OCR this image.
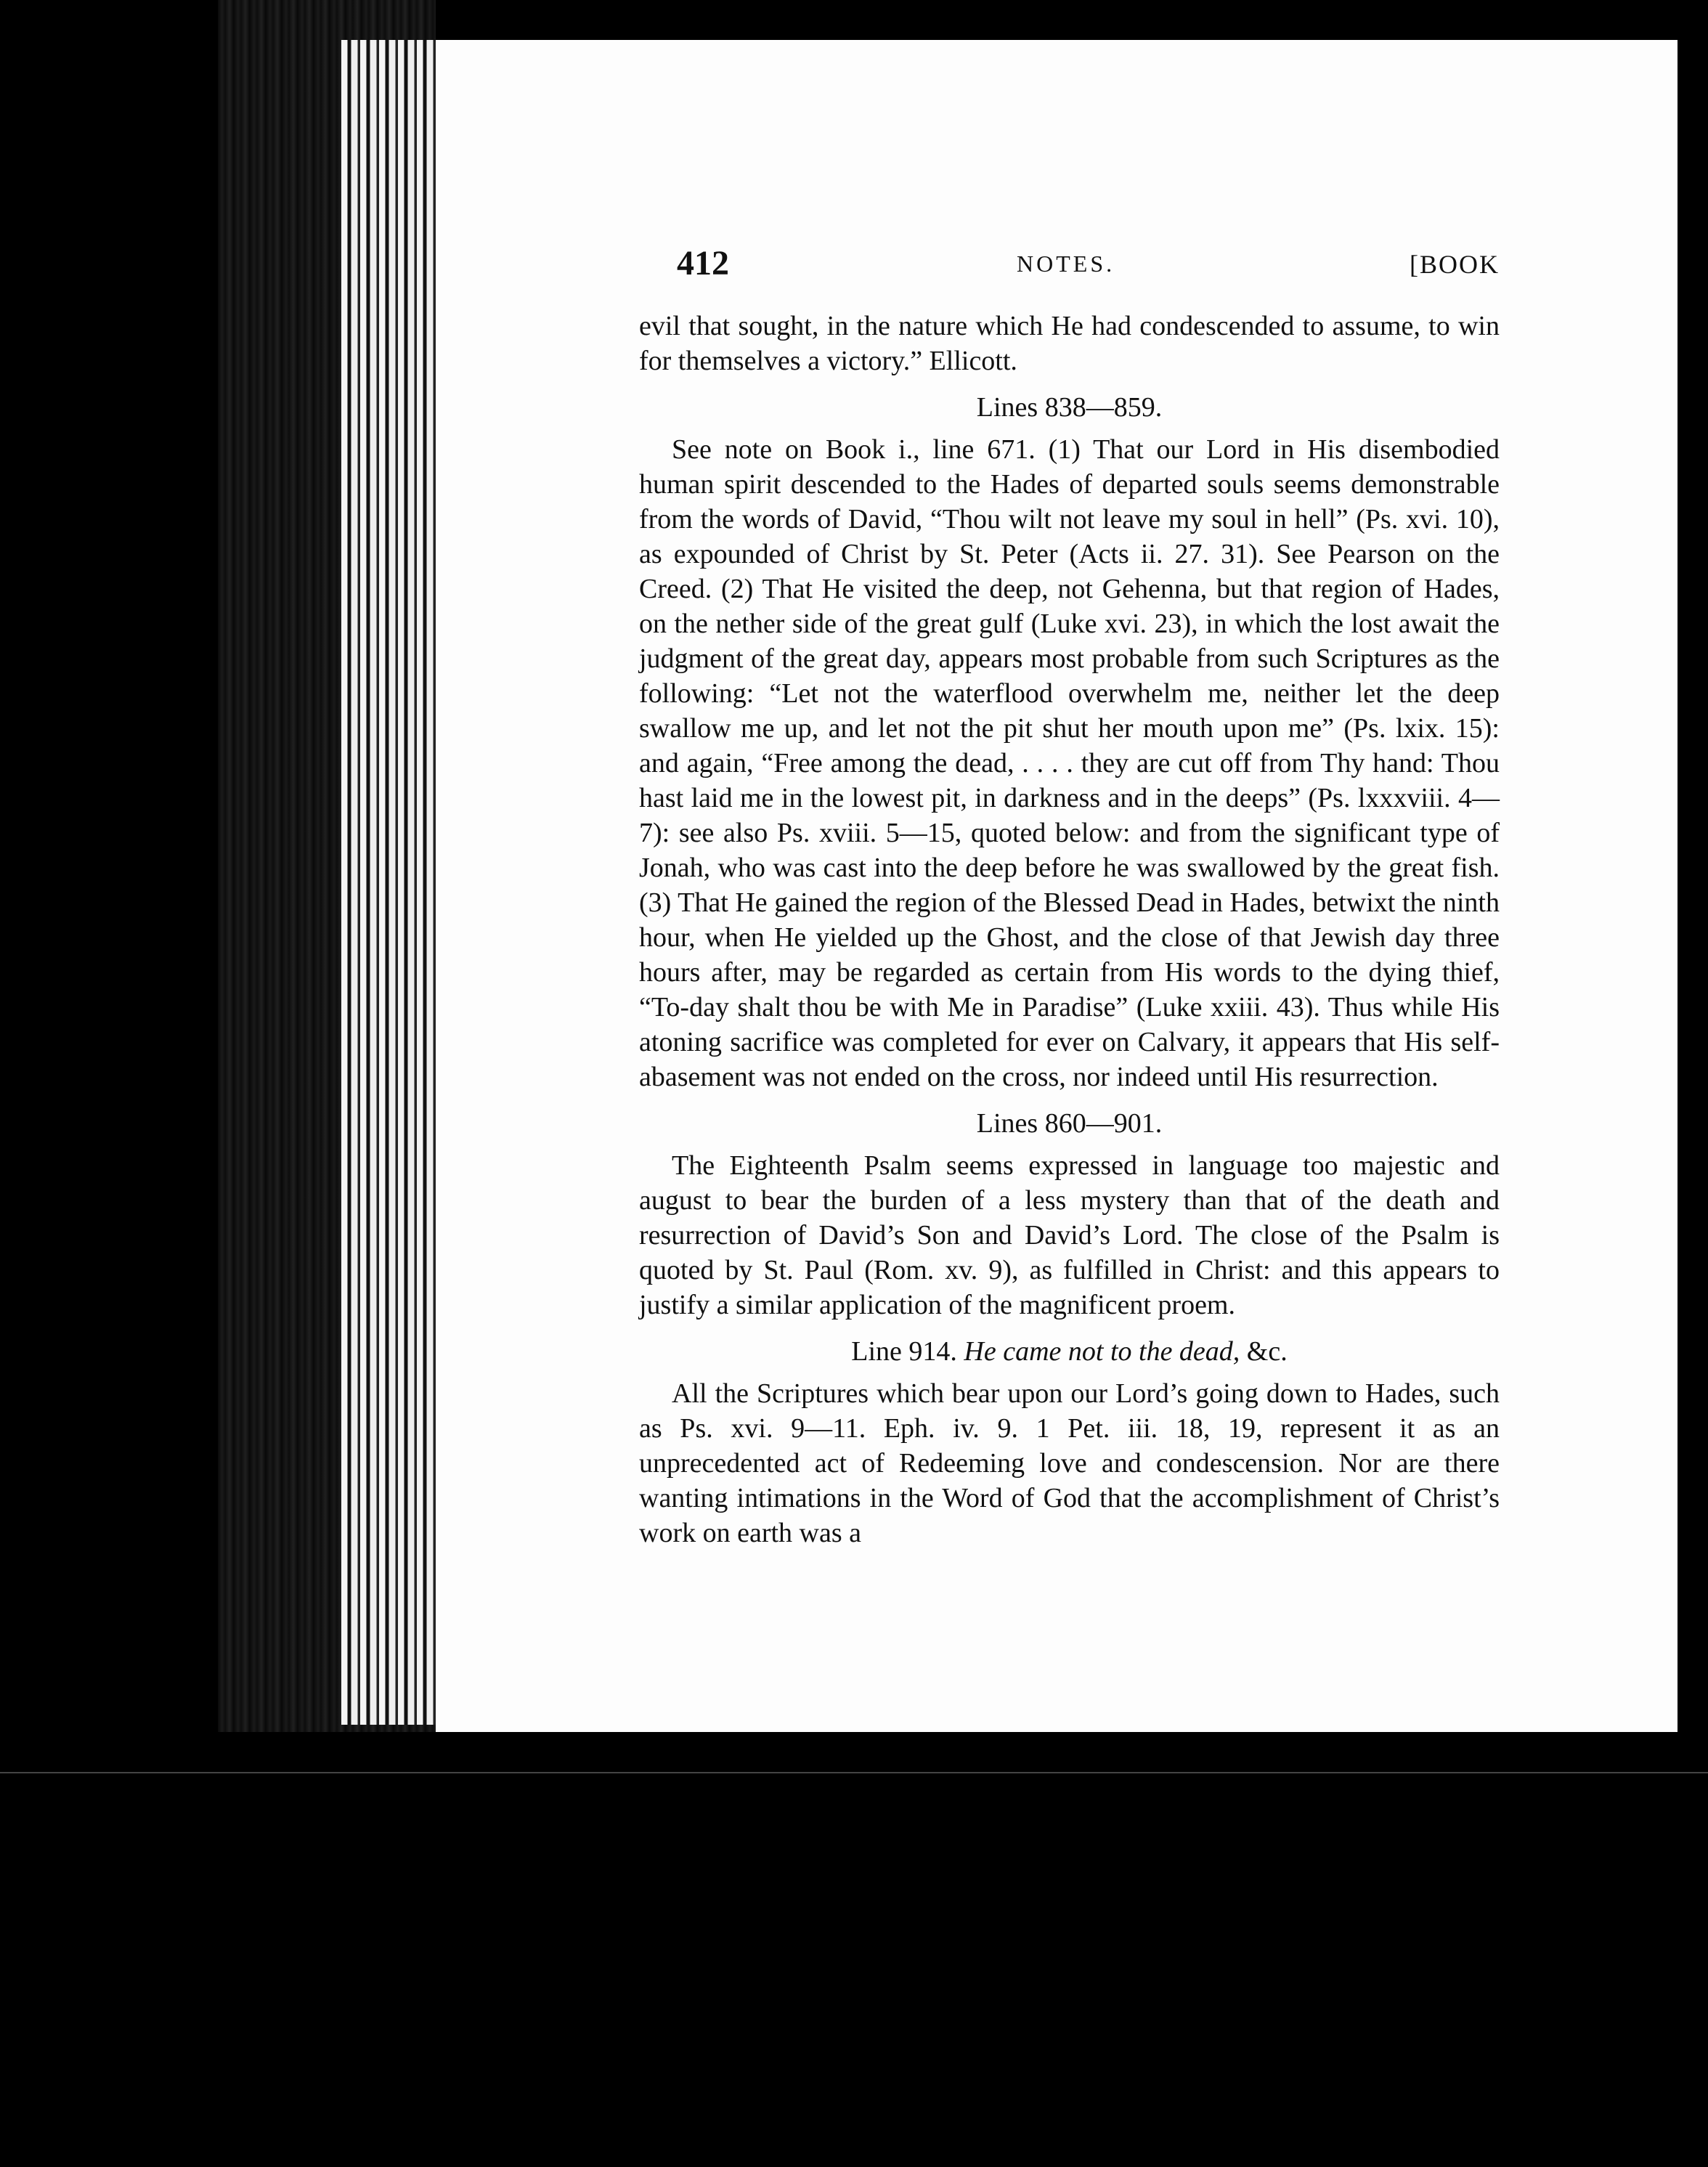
412	NOTES.	[BOOK

evil that sought, in the nature which He had condescended to assume, to win for themselves a victory.” Ellicott.

Lines 838—859.

See note on Book i., line 671. (1) That our Lord in His disembodied human spirit descended to the Hades of departed souls seems demonstrable from the words of David, “Thou wilt not leave my soul in hell” (Ps. xvi. 10), as expounded of Christ by St. Peter (Acts ii. 27. 31). See Pearson on the Creed. (2) That He visited the deep, not Gehenna, but that region of Hades, on the nether side of the great gulf (Luke xvi. 23), in which the lost await the judgment of the great day, appears most probable from such Scriptures as the following: “Let not the waterflood overwhelm me, neither let the deep swallow me up, and let not the pit shut her mouth upon me” (Ps. lxix. 15): and again, “Free among the dead, . . . . they are cut off from Thy hand: Thou hast laid me in the lowest pit, in darkness and in the deeps” (Ps. lxxxviii. 4—7): see also Ps. xviii. 5—15, quoted below: and from the significant type of Jonah, who was cast into the deep before he was swallowed by the great fish. (3) That He gained the region of the Blessed Dead in Hades, betwixt the ninth hour, when He yielded up the Ghost, and the close of that Jewish day three hours after, may be regarded as certain from His words to the dying thief, “To-day shalt thou be with Me in Paradise” (Luke xxiii. 43). Thus while His atoning sacrifice was completed for ever on Calvary, it appears that His self-abasement was not ended on the cross, nor indeed until His resurrection.

Lines 860—901.

The Eighteenth Psalm seems expressed in language too majestic and august to bear the burden of a less mystery than that of the death and resurrection of David’s Son and David’s Lord. The close of the Psalm is quoted by St. Paul (Rom. xv. 9), as fulfilled in Christ: and this appears to justify a similar application of the magnificent proem.

Line 914. He came not to the dead, &c.

All the Scriptures which bear upon our Lord’s going down to Hades, such as Ps. xvi. 9—11. Eph. iv. 9. 1 Pet. iii. 18, 19, represent it as an unprecedented act of Redeeming love and condescension. Nor are there wanting intimations in the Word of God that the accomplishment of Christ’s work on earth was a
